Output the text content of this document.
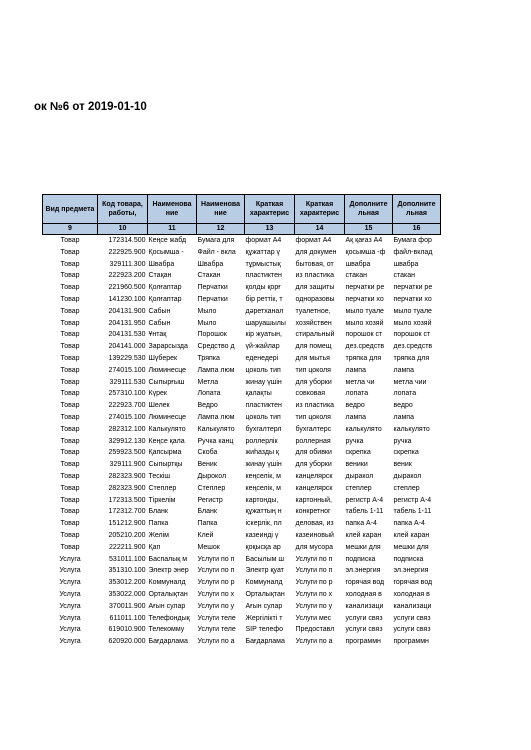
ок №6 от 2019-01-10
Вид предмета	Код товара, работы,	Наименова ние	Наименова ние	Краткая характерис	Краткая характерис	Дополните льная	Дополните льная
9	10	11	12	13	14	15	16
Товар	172314.500	Кеңсе жабд	Бумага для	формат А4	формат А4	Ақ қағаз А4	Бумага фор
Товар	222925.900	Қосымша -	Файл - вкла	құжаттар ү	для докумен	қосымша -ф	файл-вклад
Товар	329111.300	Швабра	Швабра	тұрмыстық	бытовая, от	швабра	швабра
Товар	222923.200	Стақан	Стакан	пластиктен	из пластика	стакан	стакан
Товар	221960.500	Қолғаптар	Перчатки	қолды қорғ	для защиты	перчатки ре	перчатки ре
Товар	141230.100	Қолғаптар	Перчатки	бір реттік, т	одноразовы	перчатки хо	перчатки хо
Товар	204131.900	Сабын	Мыло	дәретханал	туалетное,	мыло туале	мыло туале
Товар	204131.950	Сабын	Мыло	шаруашылы	хозяйствен	мыло хозяй	мыло хозяй
Товар	204131.530	Ұнтақ	Порошок	кір жуатын,	стиральный	порошок ст	порошок ст
Товар	204141.000	Зарарсызда	Средство д	үй-жайлар	для помещ	дез.средств	дез.средств
Товар	139229.530	Шүберек	Тряпка	еденедері	для мытья	тряпка для	тряпка для
Товар	274015.100	Люминесце	Лампа люм	цоколь тип	тип цоколя	лампа	лампа
Товар	329111.530	Сыпырғыш	Метла	жинау үшін	для уборки	метла чи	метла чии
Товар	257310.100	Күрек	Лопата	қалақты	совковая	лопата	лопата
Товар	222923.700	Шелек	Ведро	пластиктен	из пластика	ведро	ведро
Товар	274015.100	Люминесце	Лампа люм	цоколь тип	тип цоколя	лампа	лампа
Товар	282312.100	Калькулято	Калькулято	бухгалтерл	бухгалтерс	калькулято	калькулято
Товар	329912.130	Кеңсе қала	Ручка канц	роллерлік	роллерная	ручка	ручка
Товар	259923.500	Қапсырма	Скоба	жиһазды қ	для обивки	скрепка	скрепка
Товар	329111.900	Сыпыртқы	Веник	жинау үшін	для уборки	веники	веник
Товар	282323.900	Тескіш	Дырокол	кеңселік, м	канцелярск	дыракол	дыракол
Товар	282323.900	Степлер	Степлер	кеңселік, м	канцелярск	степлер	степлер
Товар	172313.500	Тіркелім	Регистр	картонды,	картонный,	регистр А-4	регистр А-4
Товар	172312.700	Бланк	Бланк	құжаттың н	конкретног	табель 1-11	табель 1-11
Товар	151212.900	Папка	Папка	іскерлік, пл	деловая, из	папка А-4	папка А-4
Товар	205210.200	Желім	Клей	казеинді ү	казеиновый	клей каран	клей каран
Товар	222211.900	Қап	Мешок	қоқысқа ар	для мусора	мешки для	мешки для
Услуга	531011.100	Баспалық м	Услуги по п	Басылым ш	Услуги по п	подписка	подписка
Услуга	351310.100	Электр энер	Услуги по п	Электр қуат	Услуги по п	эл.энергия	эл.энергия
Услуга	353012.200	Коммуналд	Услуги по р	Коммуналд	Услуги по р	горячая вод	горячая вод
Услуга	353022.000	Орталықтан	Услуги по х	Орталықтан	Услуги по х	холодная в	холодная в
Услуга	370011.900	Ағын сулар	Услуги по у	Ағын сулар	Услуги по у	канализаци	канализаци
Услуга	611011.100	Телефондық	Услуги теле	Жергілікті т	Услуги мес	услуги связ	услуги связ
Услуга	619010.900	Телекомму	Услуги теле	SIP телефо	Предоставл	услуги связ	услуги связ
Услуга	620920.000	Бағдарлама	Услуги по а	Бағдарлама	Услуги по а	программн	программн
